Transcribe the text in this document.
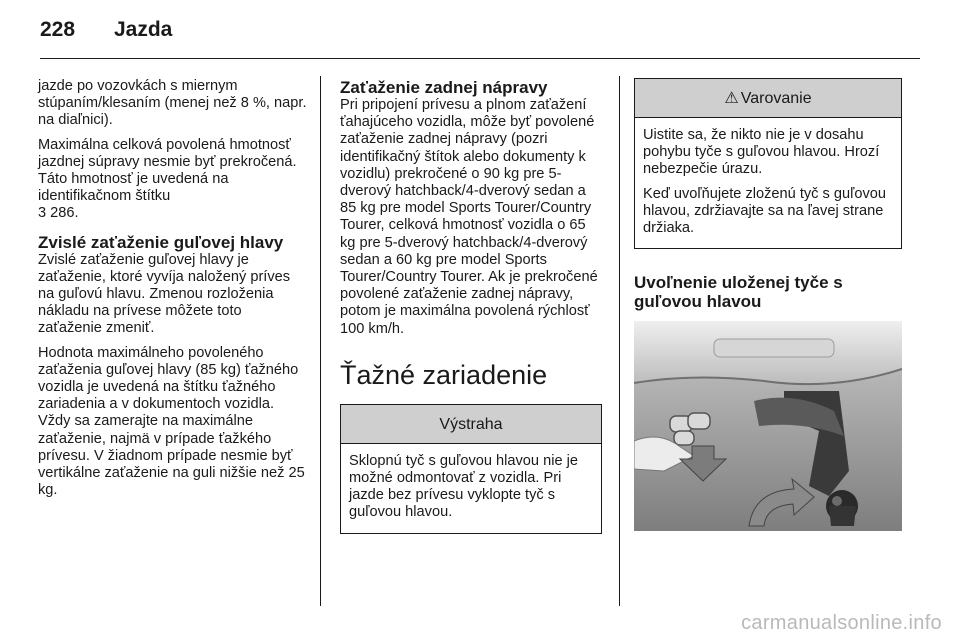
228 Jazda

jazde po vozovkách s miernym stúpaním/klesaním (menej než 8 %, napr. na diaľnici).

Maximálna celková povolená hmotnosť jazdnej súpravy nesmie byť prekročená. Táto hmotnosť je uvedená na identifikačnom štítku
3 286.

Zvislé zaťaženie guľovej hlavy

Zvislé zaťaženie guľovej hlavy je zaťaženie, ktoré vyvíja naložený príves na guľovú hlavu. Zmenou rozloženia nákladu na prívese môžete toto zaťaženie zmeniť.

Hodnota maximálneho povoleného zaťaženia guľovej hlavy (85 kg) ťažného vozidla je uvedená na štítku ťažného zariadenia a v dokumentoch vozidla. Vždy sa zamerajte na maximálne zaťaženie, najmä v prípade ťažkého prívesu. V žiadnom prípade nesmie byť vertikálne zaťaženie na guli nižšie než 25 kg.

Zaťaženie zadnej nápravy

Pri pripojení prívesu a plnom zaťažení ťahajúceho vozidla, môže byť povolené zaťaženie zadnej nápravy (pozri identifikačný štítok alebo dokumenty k vozidlu) prekročené o 90 kg pre 5-dverový hatchback/4-dverový sedan a 85 kg pre model Sports Tourer/Country Tourer, celková hmotnosť vozidla o 65 kg pre 5-dverový hatchback/4-dverový sedan a 60 kg pre model Sports Tourer/Country Tourer. Ak je prekročené povolené zaťaženie zadnej nápravy, potom je maximálna povolená rýchlosť 100 km/h.

Ťažné zariadenie
Výstraha

Sklopnú tyč s guľovou hlavou nie je možné odmontovať z vozidla. Pri jazde bez prívesu vyklopte tyč s guľovou hlavou.

⚠ Varovanie

Uistite sa, že nikto nie je v dosahu pohybu tyče s guľovou hlavou. Hrozí nebezpečie úrazu.

Keď uvoľňujete zloženú tyč s guľovou hlavou, zdržiavajte sa na ľavej strane držiaka.

Uvoľnenie uloženej tyče s guľovou hlavou
carmanualsonline.info
